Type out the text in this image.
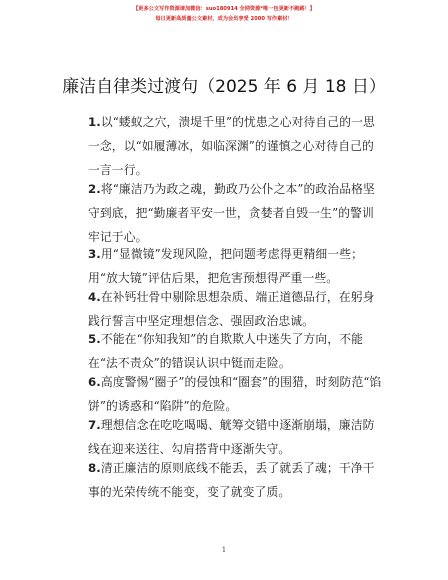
【更多公文写作资源请加微信：suo180914 全网资源*唯一包更新不跑路！】
每日更新高质量公文素材，成为会员享受 2000 写作素材！
廉洁自律类过渡句（2025 年 6 月 18 日）
1.以“蝼蚁之穴，溃堤千里”的忧患之心对待自己的一思一念，以“如履薄冰，如临深渊”的谨慎之心对待自己的一言一行。
2.将“廉洁乃为政之魂，勤政乃公仆之本”的政治品格坚守到底，把“勤廉者平安一世，贪婪者自毁一生”的警训牢记于心。
3.用“显微镜”发现风险，把问题考虑得更精细一些；用“放大镜”评估后果，把危害预想得严重一些。
4.在补钙壮骨中剔除思想杂质、端正道德品行，在躬身践行誓言中坚定理想信念、强固政治忠诚。
5.不能在“你知我知”的自欺欺人中迷失了方向，不能在“法不责众”的错误认识中铤而走险。
6.高度警惕“圈子”的侵蚀和“圈套”的围猎，时刻防范“馅饼”的诱惑和“陷阱”的危险。
7.理想信念在吃吃喝喝、觥筹交错中逐渐崩塌，廉洁防线在迎来送往、勾肩搭背中逐渐失守。
8.清正廉洁的原则底线不能丢，丢了就丢了魂；干净干事的光荣传统不能变，变了就变了质。
1
